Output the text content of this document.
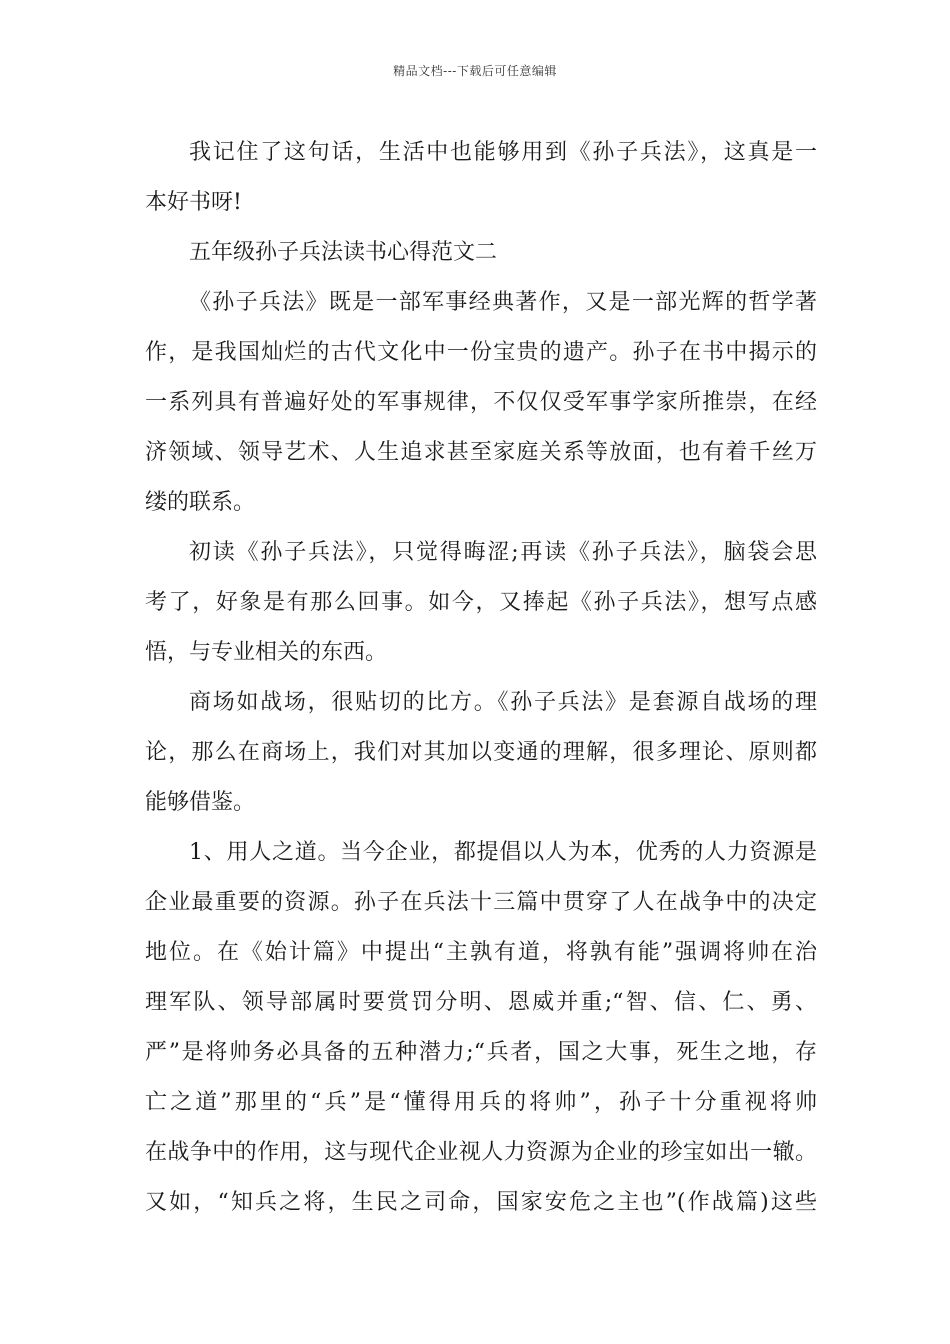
精品文档---下载后可任意编辑
我记住了这句话，生活中也能够用到《孙子兵法》，这真是一
本好书呀!
五年级孙子兵法读书心得范文二
《孙子兵法》既是一部军事经典著作，又是一部光辉的哲学著
作，是我国灿烂的古代文化中一份宝贵的遗产。孙子在书中揭示的
一系列具有普遍好处的军事规律，不仅仅受军事学家所推崇，在经
济领域、领导艺术、人生追求甚至家庭关系等放面，也有着千丝万
缕的联系。
初读《孙子兵法》，只觉得晦涩;再读《孙子兵法》，脑袋会思
考了，好象是有那么回事。如今，又捧起《孙子兵法》，想写点感
悟，与专业相关的东西。
商场如战场，很贴切的比方。《孙子兵法》是套源自战场的理
论，那么在商场上，我们对其加以变通的理解，很多理论、原则都
能够借鉴。
1、用人之道。当今企业，都提倡以人为本，优秀的人力资源是
企业最重要的资源。孙子在兵法十三篇中贯穿了人在战争中的决定
地位。在《始计篇》中提出“主孰有道，将孰有能”强调将帅在治
理军队、领导部属时要赏罚分明、恩威并重;“智、信、仁、勇、
严”是将帅务必具备的五种潜力;“兵者，国之大事，死生之地，存
亡之道”那里的“兵”是“懂得用兵的将帅”，孙子十分重视将帅
在战争中的作用，这与现代企业视人力资源为企业的珍宝如出一辙。
又如，“知兵之将，生民之司命，国家安危之主也”(作战篇)这些
